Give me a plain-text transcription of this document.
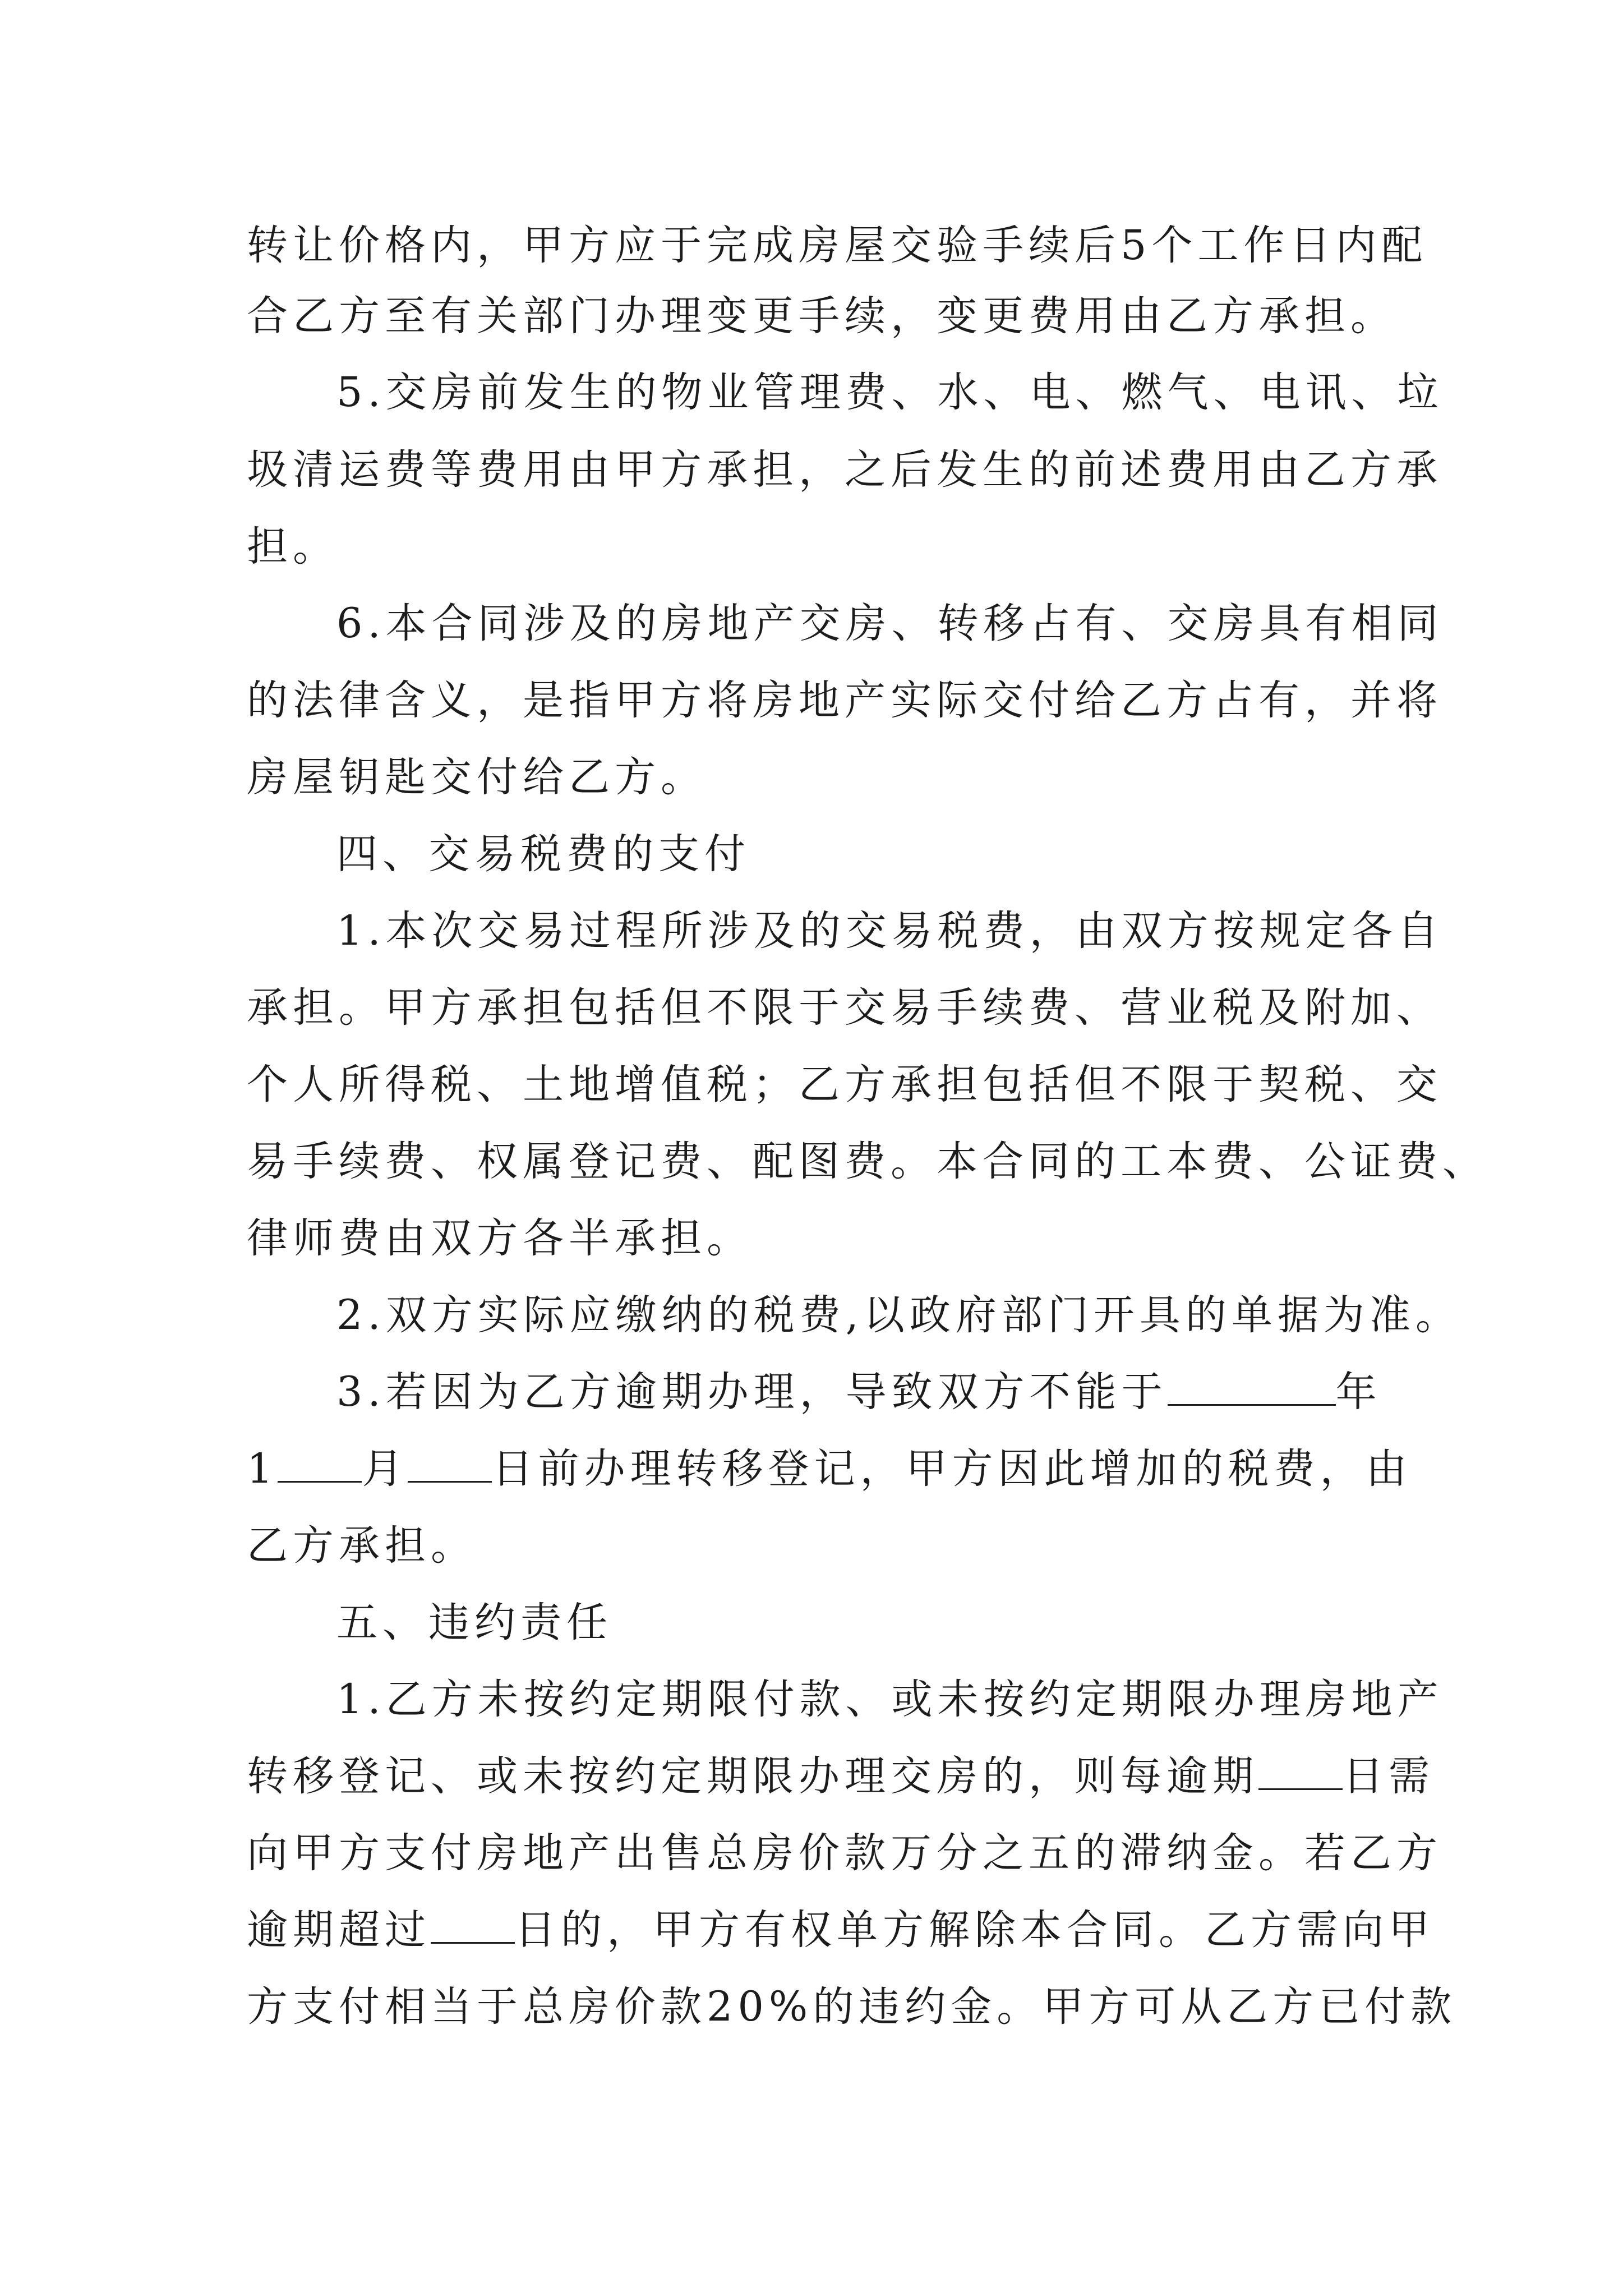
转让价格内，甲方应于完成房屋交验手续后5个工作日内配
合乙方至有关部门办理变更手续，变更费用由乙方承担。
5.交房前发生的物业管理费、水、电、燃气、电讯、垃
圾清运费等费用由甲方承担，之后发生的前述费用由乙方承
担。
6.本合同涉及的房地产交房、转移占有、交房具有相同
的法律含义，是指甲方将房地产实际交付给乙方占有，并将
房屋钥匙交付给乙方。
四、交易税费的支付
1.本次交易过程所涉及的交易税费，由双方按规定各自
承担。甲方承担包括但不限于交易手续费、营业税及附加、
个人所得税、土地增值税；乙方承担包括但不限于契税、交
易手续费、权属登记费、配图费。本合同的工本费、公证费、
律师费由双方各半承担。
2.双方实际应缴纳的税费,以政府部门开具的单据为准。
3.若因为乙方逾期办理，导致双方不能于	年
1 月 日前办理转移登记，甲方因此增加的税费，由
乙方承担。
五、违约责任
1.乙方未按约定期限付款、或未按约定期限办理房地产
转移登记、或未按约定期限办理交房的，则每逾期 日需
向甲方支付房地产出售总房价款万分之五的滞纳金。若乙方
逾期超过 日的，甲方有权单方解除本合同。乙方需向甲
方支付相当于总房价款20%的违约金。甲方可从乙方已付款
